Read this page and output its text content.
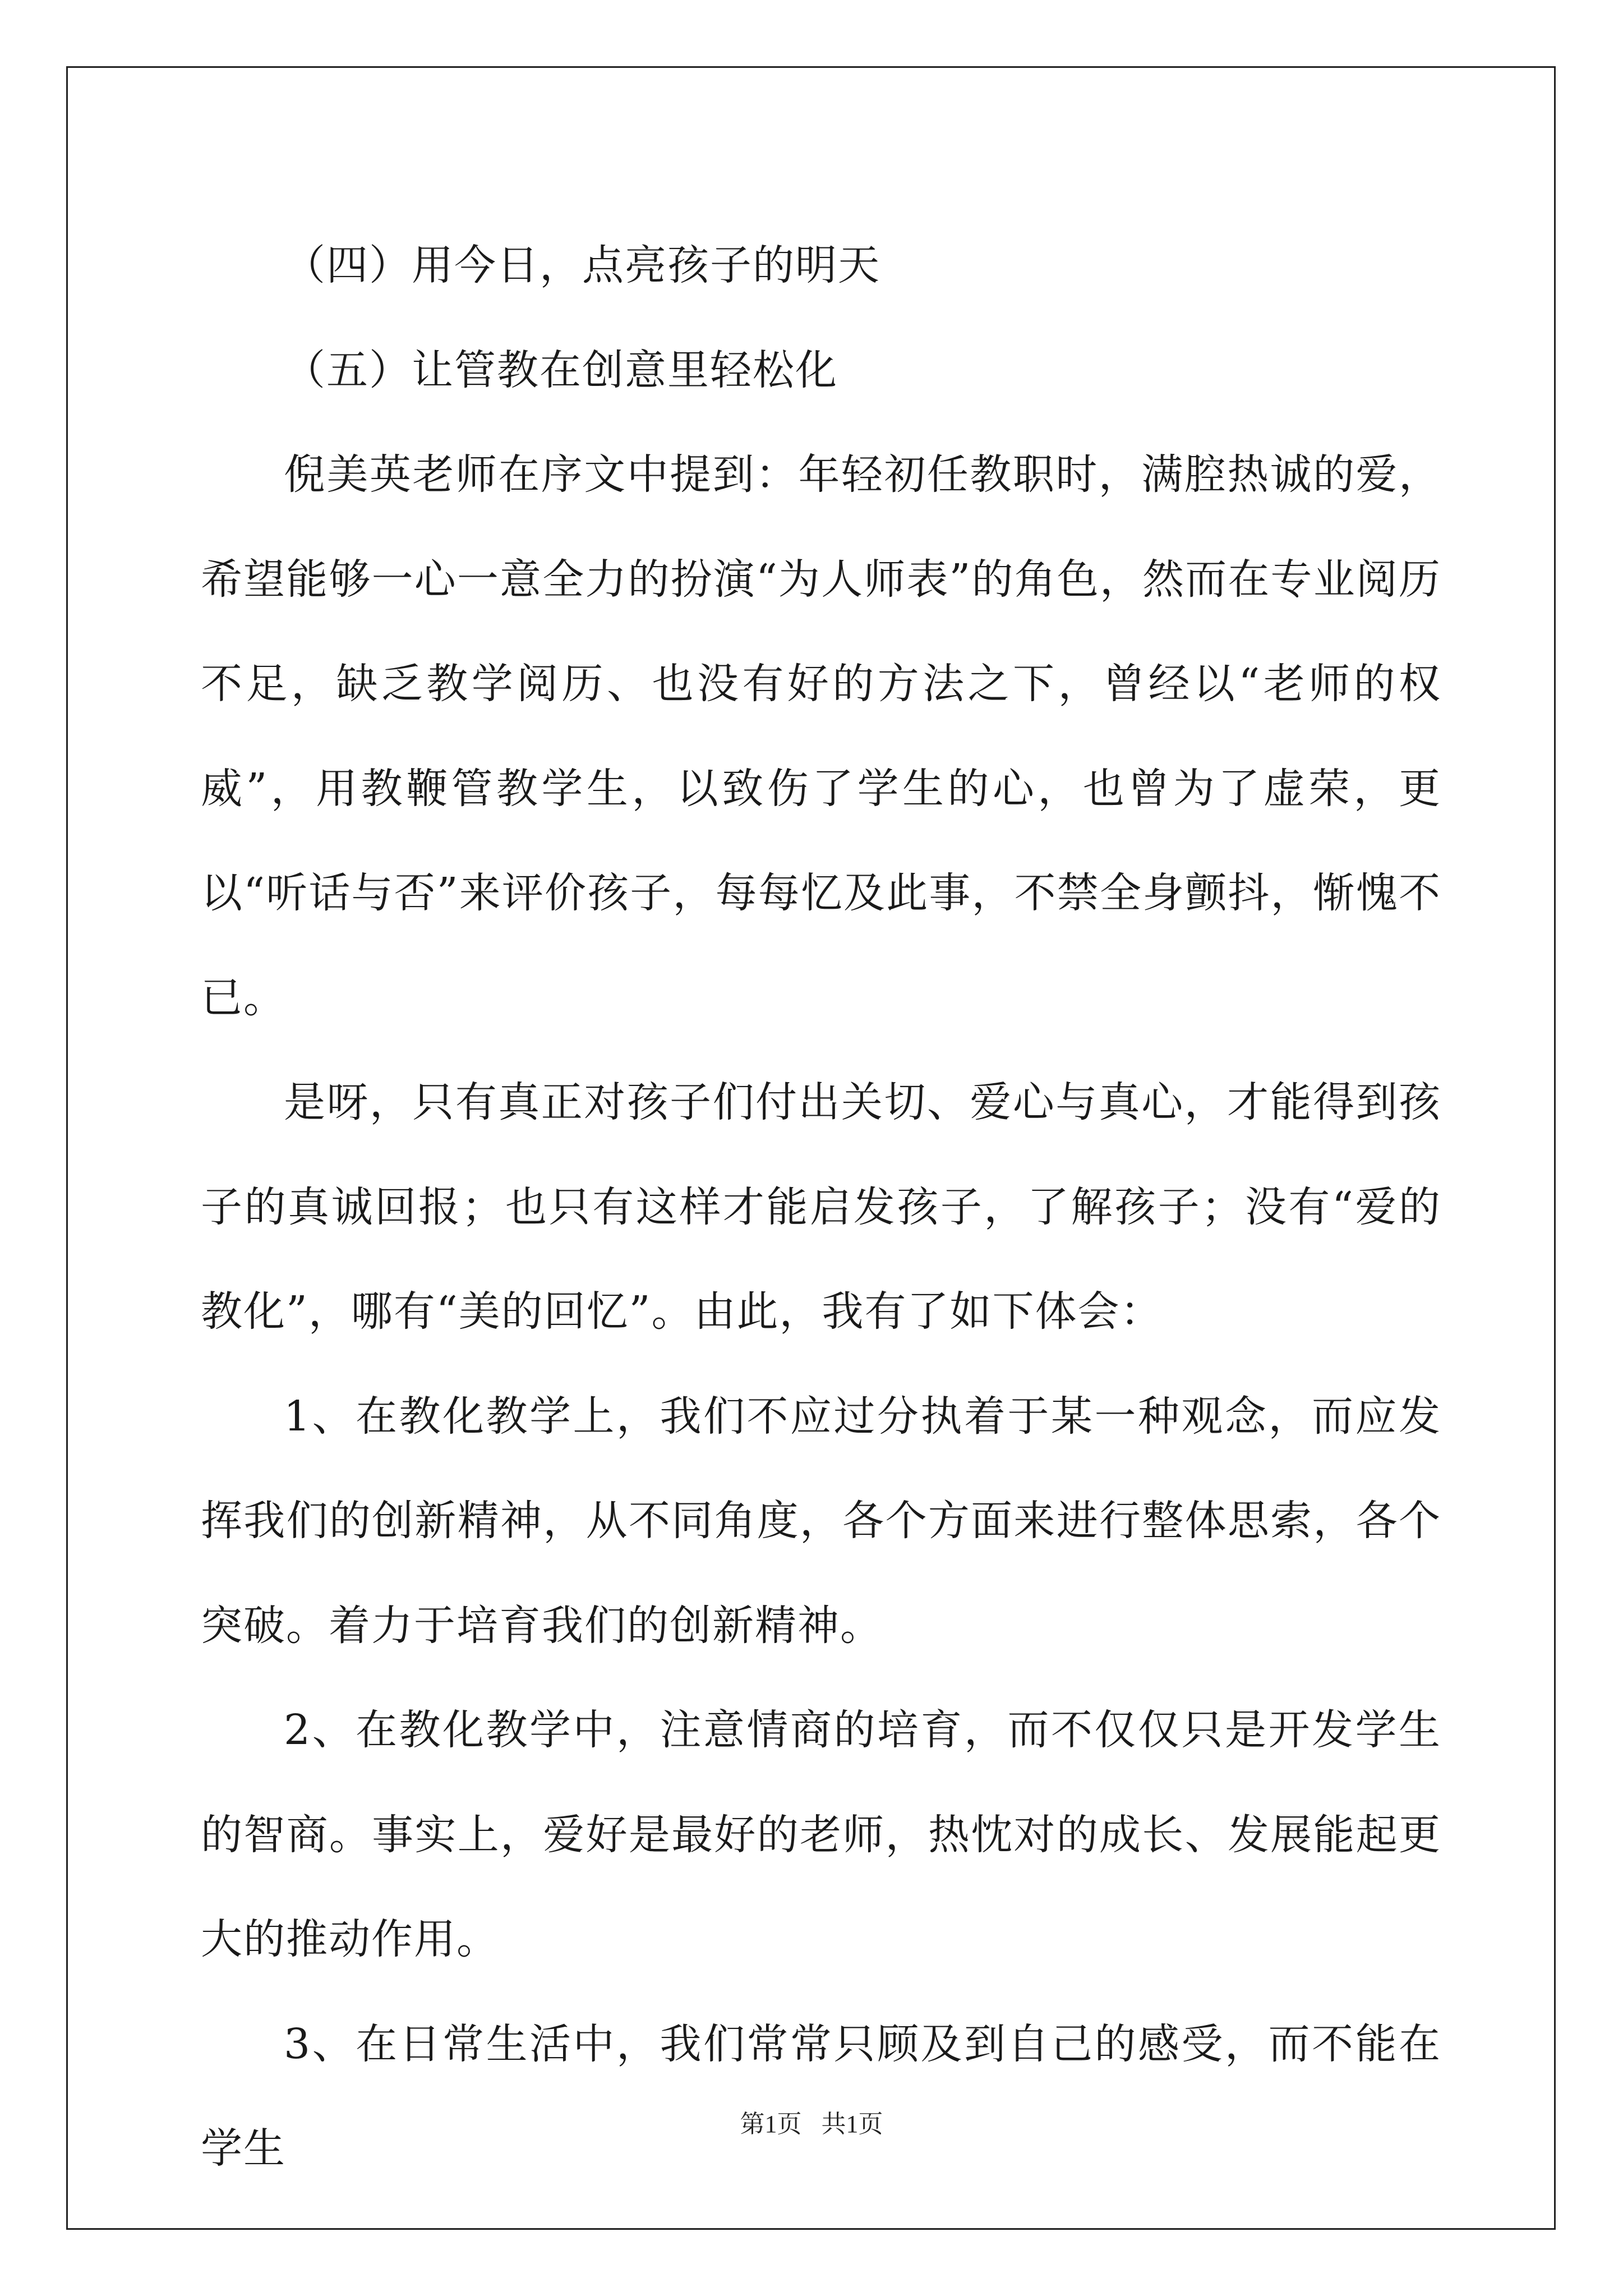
（四）用今日，点亮孩子的明天

（五）让管教在创意里轻松化

倪美英老师在序文中提到：年轻初任教职时，满腔热诚的爱，希望能够一心一意全力的扮演“为人师表”的角色，然而在专业阅历不足，缺乏教学阅历、也没有好的方法之下，曾经以“老师的权威”，用教鞭管教学生，以致伤了学生的心，也曾为了虚荣，更以“听话与否”来评价孩子，每每忆及此事，不禁全身颤抖，惭愧不已。

是呀，只有真正对孩子们付出关切、爱心与真心，才能得到孩子的真诚回报；也只有这样才能启发孩子，了解孩子；没有“爱的教化”，哪有“美的回忆”。由此，我有了如下体会：

1、在教化教学上，我们不应过分执着于某一种观念，而应发挥我们的创新精神，从不同角度，各个方面来进行整体思索，各个突破。着力于培育我们的创新精神。

2、在教化教学中，注意情商的培育，而不仅仅只是开发学生的智商。事实上，爱好是最好的老师，热忱对的成长、发展能起更大的推动作用。

3、在日常生活中，我们常常只顾及到自己的感受，而不能在学生

第1页 共1页
